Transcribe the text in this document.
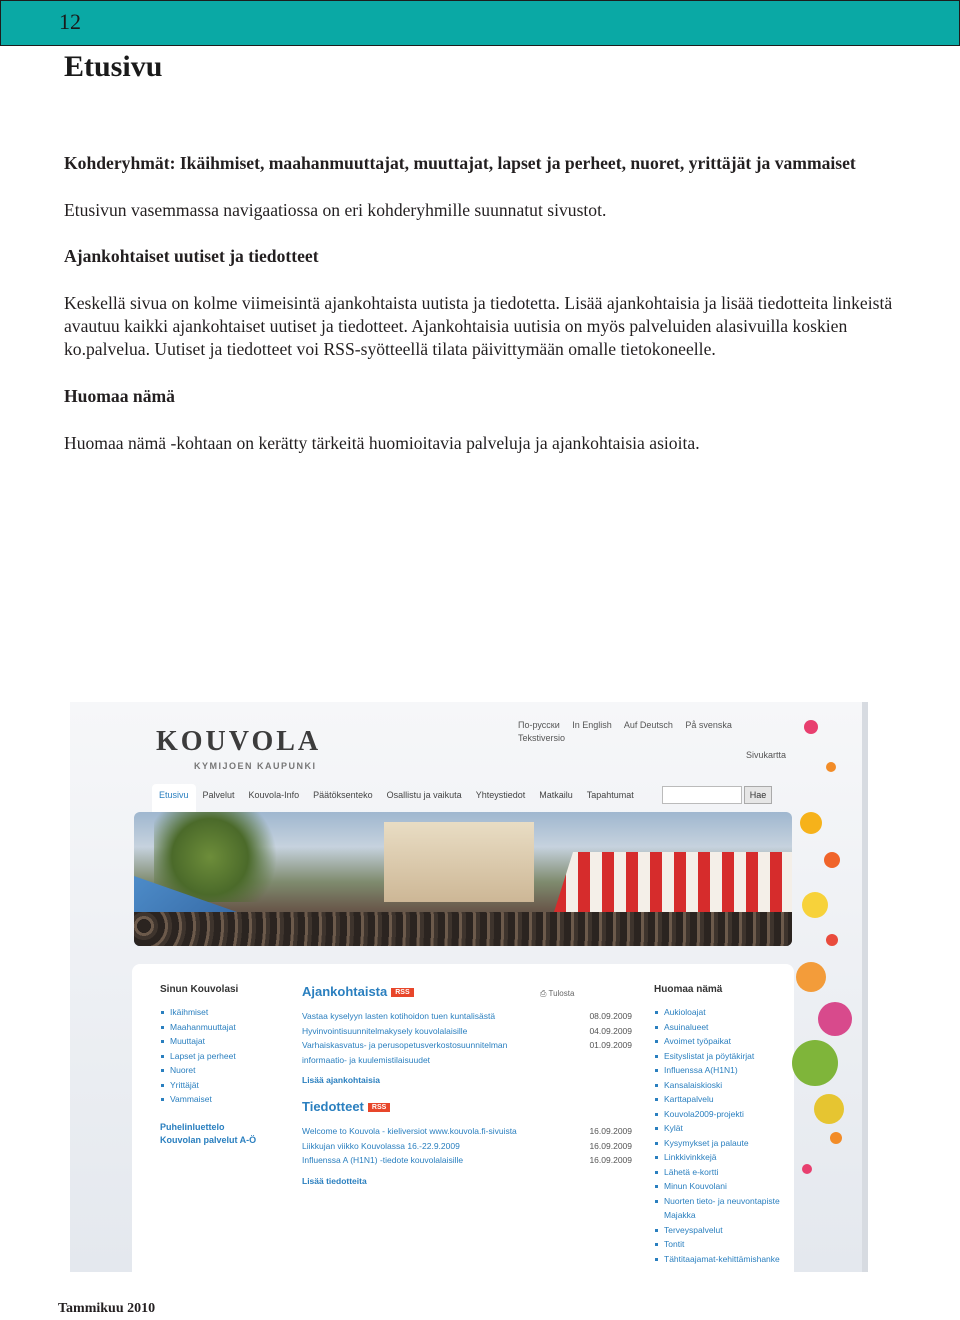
12
Etusivu
Kohderyhmät: Ikäihmiset, maahanmuuttajat, muuttajat, lapset ja perheet, nuoret, yrittäjät ja vammaiset

Etusivun vasemmassa navigaatiossa on eri kohderyhmille suunnatut sivustot.

Ajankohtaiset uutiset ja tiedotteet

Keskellä sivua on kolme viimeisintä ajankohtaista uutista ja tiedotetta. Lisää ajankohtaisia ja lisää tiedotteita linkeistä avautuu kaikki ajankohtaiset uutiset ja tiedotteet. Ajankohtaisia uutisia on myös palveluiden alasivuilla koskien ko.palvelua. Uutiset ja tiedotteet voi RSS-syötteellä tilata päivittymään omalle tietokoneelle.

Huomaa nämä

Huomaa nämä -kohtaan on kerätty tärkeitä huomioitavia palveluja ja ajankohtaisia asioita.

KOUVOLA
KYMIJOEN KAUPUNKI
По-русски In English Auf Deutsch På svenska
Tekstiversio
Sivukartta
Etusivu	Palvelut	Kouvola-Info	Päätöksenteko	Osallistu ja vaikuta	Yhteystiedot	Matkailu	Tapahtumat	Hae
Sinun Kouvolasi
Ikäihmiset
Maahanmuuttajat
Muuttajat
Lapset ja perheet
Nuoret
Yrittäjät
Vammaiset
Puhelinluettelo
Kouvolan palvelut A-Ö
⎙ Tulosta
Ajankohtaista RSS
Vastaa kyselyyn lasten kotihoidon tuen kuntalisästä	08.09.2009
Hyvinvointisuunnitelmakysely kouvolalaisille	04.09.2009
Varhaiskasvatus- ja perusopetusverkostosuunnitelman informaatio- ja kuulemistilaisuudet
01.09.2009
Lisää ajankohtaisia
Tiedotteet RSS
Welcome to Kouvola - kieliversiot www.kouvola.fi-sivuista	16.09.2009
Liikkujan viikko Kouvolassa 16.-22.9.2009	16.09.2009
Influenssa A (H1N1) -tiedote kouvolalaisille	16.09.2009
Lisää tiedotteita
Huomaa nämä
Aukioloajat
Asuinalueet
Avoimet työpaikat
Esityslistat ja pöytäkirjat
Influenssa A(H1N1)
Kansalaiskioski
Karttapalvelu
Kouvola2009-projekti
Kylät
Kysymykset ja palaute
Linkkivinkkejä
Lähetä e-kortti
Minun Kouvolani
Nuorten tieto- ja neuvontapiste Majakka
Terveyspalvelut
Tontit
Tähtitaajamat-kehittämishanke
Tammikuu 2010
